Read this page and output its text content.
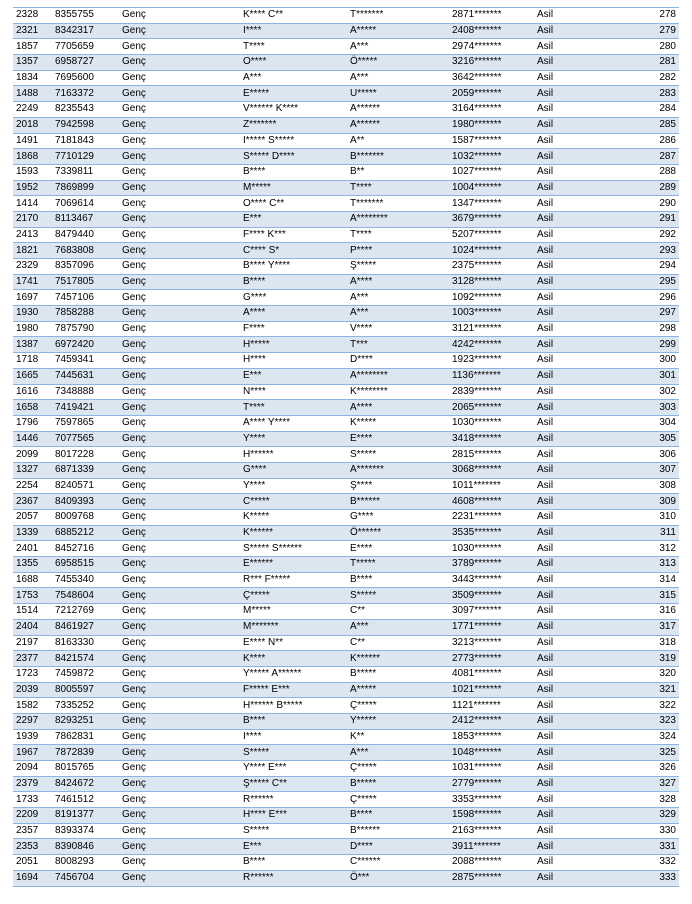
2328	8355755	Genç	K**** C**	T*******	2871*******	Asil	278
2321	8342317	Genç	I****	A*****	2408*******	Asil	279
1857	7705659	Genç	T****	A***	2974*******	Asil	280
1357	6958727	Genç	O****	Ö*****	3216*******	Asil	281
1834	7695600	Genç	A***	A***	3642*******	Asil	282
1488	7163372	Genç	E*****	U*****	2059*******	Asil	283
2249	8235543	Genç	V****** K****	A******	3164*******	Asil	284
2018	7942598	Genç	Z*******	A******	1980*******	Asil	285
1491	7181843	Genç	I***** S*****	A**	1587*******	Asil	286
1868	7710129	Genç	S***** D****	B*******	1032*******	Asil	287
1593	7339811	Genç	B****	B**	1027*******	Asil	288
1952	7869899	Genç	M*****	T****	1004*******	Asil	289
1414	7069614	Genç	O**** C**	T*******	1347*******	Asil	290
2170	8113467	Genç	E***	A********	3679*******	Asil	291
2413	8479440	Genç	F**** K***	T****	5207*******	Asil	292
1821	7683808	Genç	C**** S*	P****	1024*******	Asil	293
2329	8357096	Genç	B**** Y****	Ş*****	2375*******	Asil	294
1741	7517805	Genç	B****	A****	3128*******	Asil	295
1697	7457106	Genç	G****	A***	1092*******	Asil	296
1930	7858288	Genç	A****	A***	1003*******	Asil	297
1980	7875790	Genç	F****	V****	3121*******	Asil	298
1387	6972420	Genç	H*****	T***	4242*******	Asil	299
1718	7459341	Genç	H****	D****	1923*******	Asil	300
1665	7445631	Genç	E***	A********	1136*******	Asil	301
1616	7348888	Genç	N****	K********	2839*******	Asil	302
1658	7419421	Genç	T****	A****	2065*******	Asil	303
1796	7597865	Genç	A**** Y****	K*****	1030*******	Asil	304
1446	7077565	Genç	Y****	E****	3418*******	Asil	305
2099	8017228	Genç	H******	S*****	2815*******	Asil	306
1327	6871339	Genç	G****	A*******	3068*******	Asil	307
2254	8240571	Genç	Y****	Ş****	1011*******	Asil	308
2367	8409393	Genç	C*****	B******	4608*******	Asil	309
2057	8009768	Genç	K*****	G****	2231*******	Asil	310
1339	6885212	Genç	K******	Ö******	3535*******	Asil	311
2401	8452716	Genç	S***** S******	E****	1030*******	Asil	312
1355	6958515	Genç	E******	T*****	3789*******	Asil	313
1688	7455340	Genç	R*** F*****	B****	3443*******	Asil	314
1753	7548604	Genç	Ç*****	S*****	3509*******	Asil	315
1514	7212769	Genç	M*****	C**	3097*******	Asil	316
2404	8461927	Genç	M*******	A***	1771*******	Asil	317
2197	8163330	Genç	E**** N**	C**	3213*******	Asil	318
2377	8421574	Genç	K****	K******	2773*******	Asil	319
1723	7459872	Genç	Y***** A******	B*****	4081*******	Asil	320
2039	8005597	Genç	F***** E***	A*****	1021*******	Asil	321
1582	7335252	Genç	H****** B*****	Ç*****	1121*******	Asil	322
2297	8293251	Genç	B****	Y*****	2412*******	Asil	323
1939	7862831	Genç	I****	K**	1853*******	Asil	324
1967	7872839	Genç	S*****	A***	1048*******	Asil	325
2094	8015765	Genç	Y**** E***	Ç*****	1031*******	Asil	326
2379	8424672	Genç	Ş***** C**	B*****	2779*******	Asil	327
1733	7461512	Genç	R******	Ç*****	3353*******	Asil	328
2209	8191377	Genç	H**** E***	B****	1598*******	Asil	329
2357	8393374	Genç	S*****	B******	2163*******	Asil	330
2353	8390846	Genç	E***	D****	3911*******	Asil	331
2051	8008293	Genç	B****	C******	2088*******	Asil	332
1694	7456704	Genç	R******	Ö***	2875*******	Asil	333
